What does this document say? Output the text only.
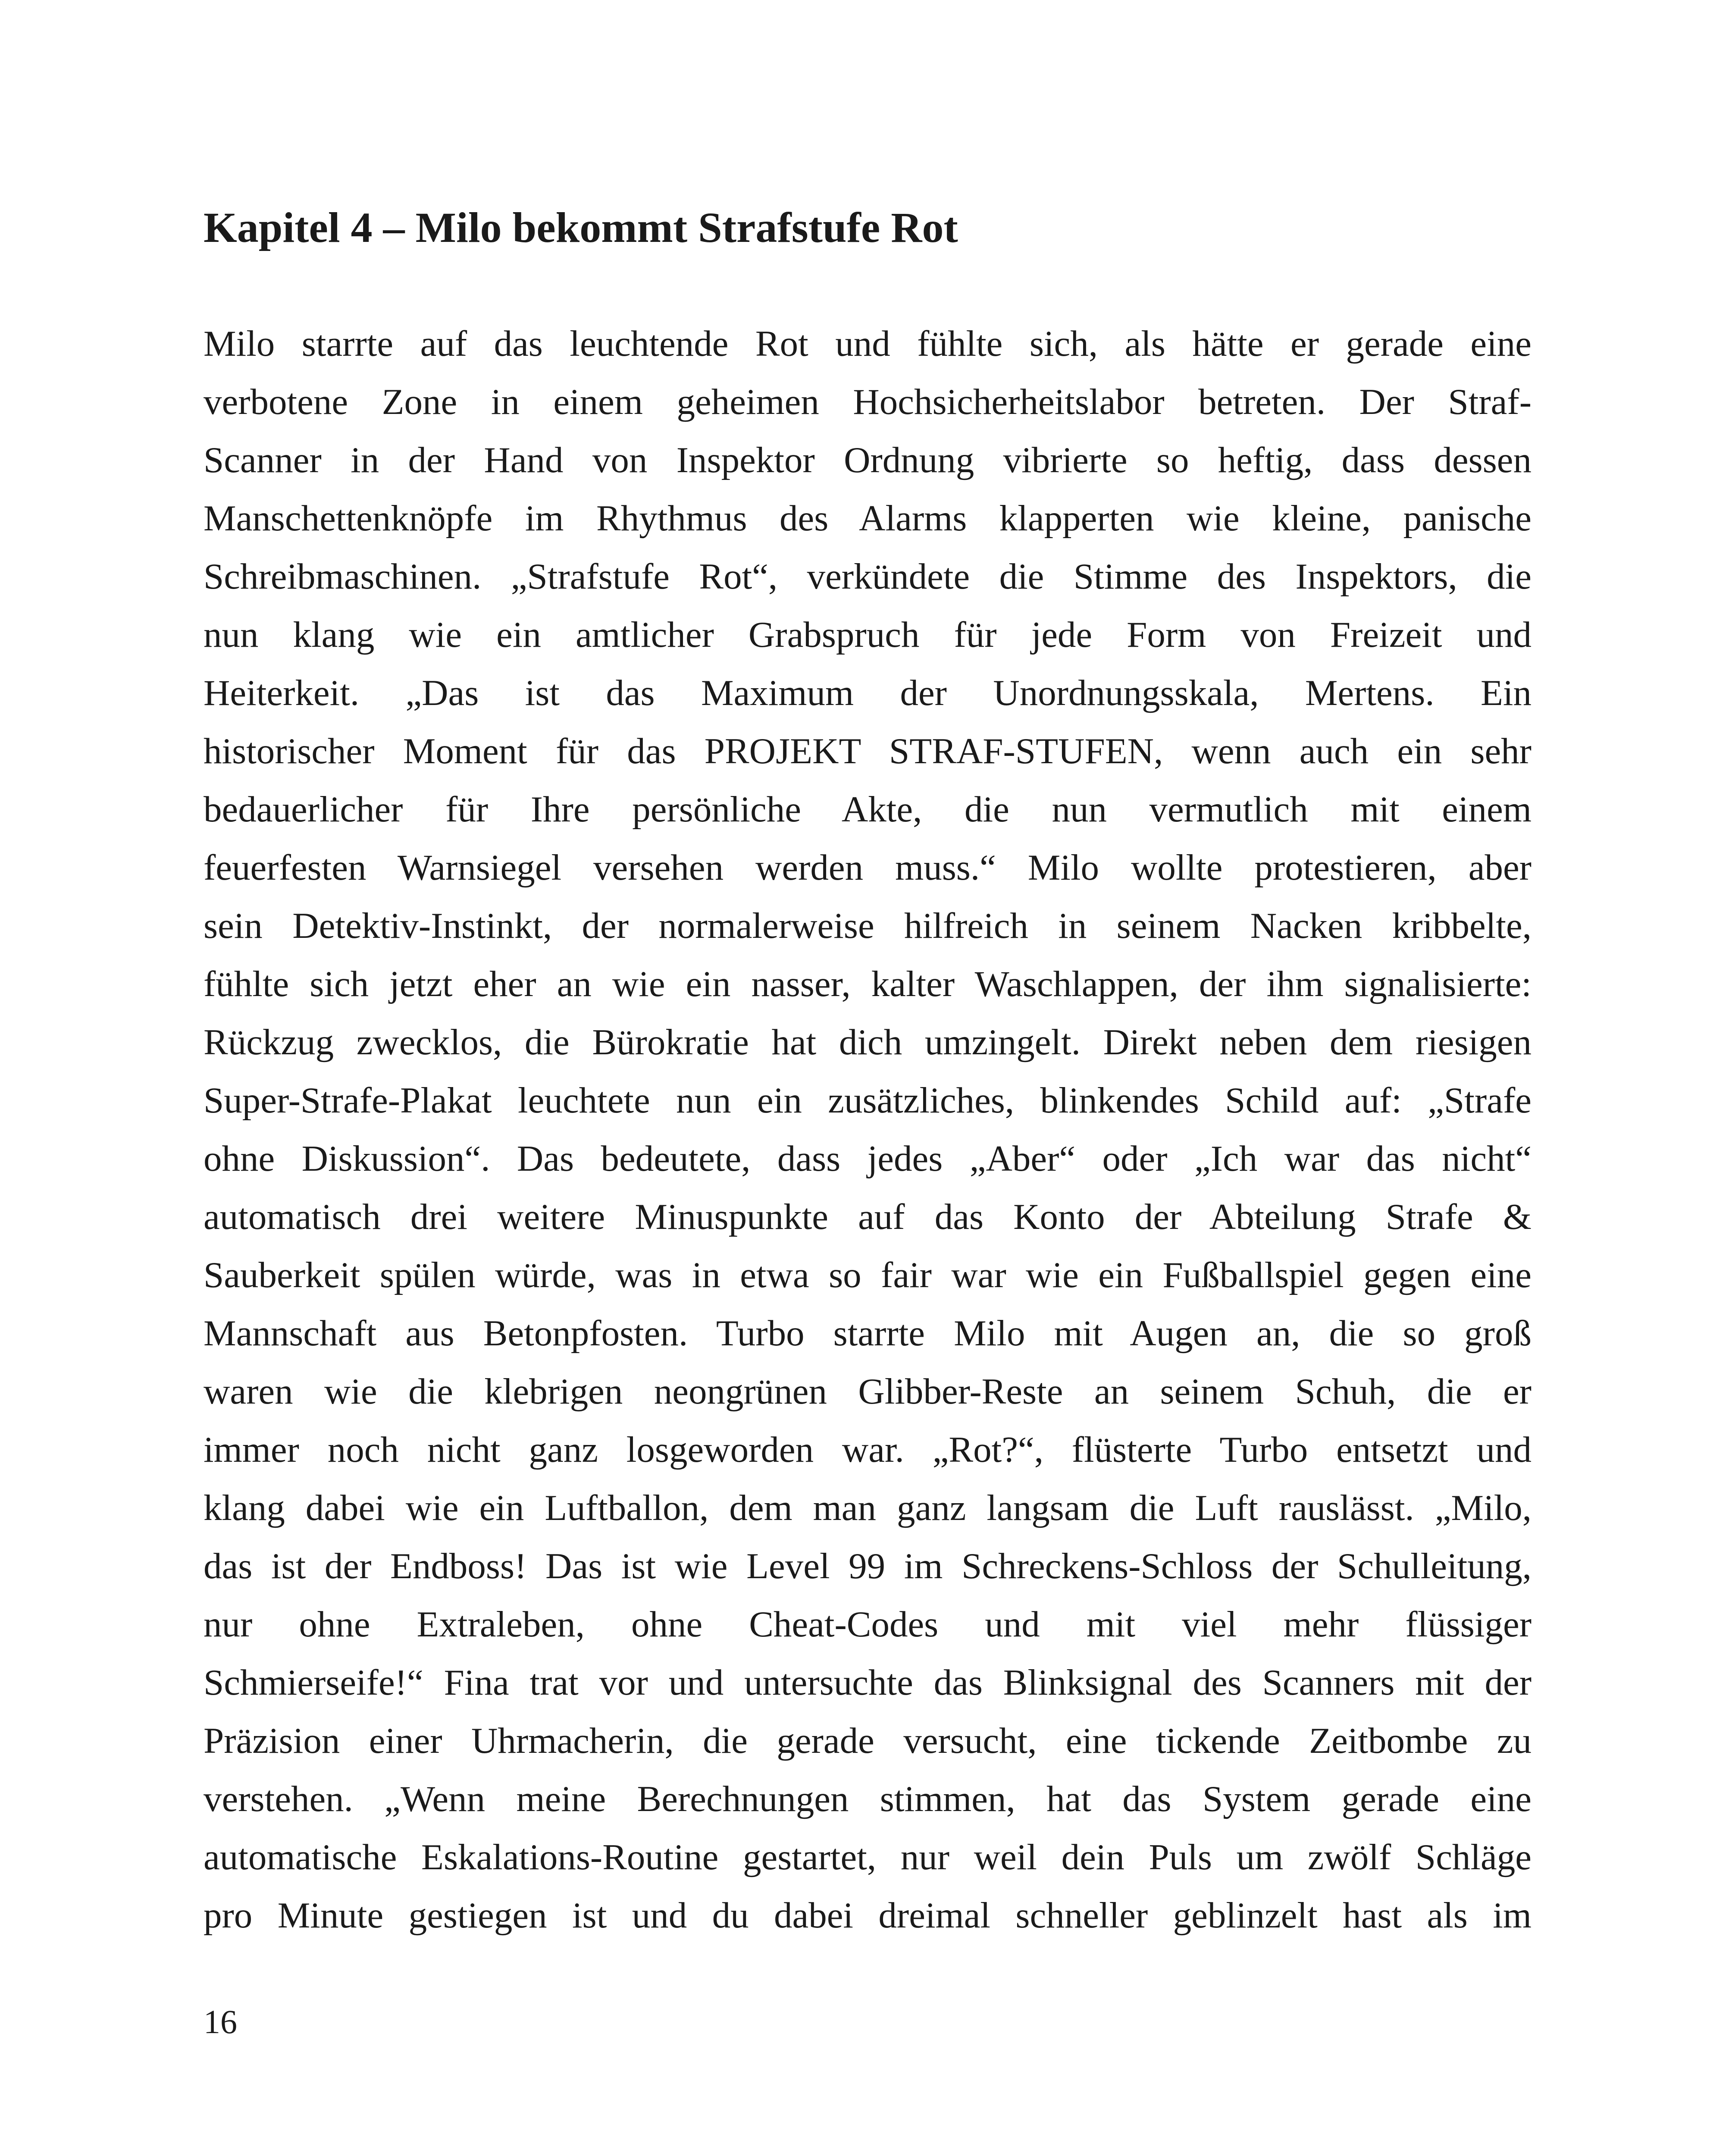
Kapitel 4 – Milo bekommt Strafstufe Rot
Milo starrte auf das leuchtende Rot und fühlte sich, als hätte er gerade eine
verbotene Zone in einem geheimen Hochsicherheitslabor betreten. Der Straf-
Scanner in der Hand von Inspektor Ordnung vibrierte so heftig, dass dessen
Manschettenknöpfe im Rhythmus des Alarms klapperten wie kleine, panische
Schreibmaschinen. „Strafstufe Rot“, verkündete die Stimme des Inspektors, die
nun klang wie ein amtlicher Grabspruch für jede Form von Freizeit und
Heiterkeit. „Das ist das Maximum der Unordnungsskala, Mertens. Ein
historischer Moment für das PROJEKT STRAF-STUFEN, wenn auch ein sehr
bedauerlicher für Ihre persönliche Akte, die nun vermutlich mit einem
feuerfesten Warnsiegel versehen werden muss.“ Milo wollte protestieren, aber
sein Detektiv-Instinkt, der normalerweise hilfreich in seinem Nacken kribbelte,
fühlte sich jetzt eher an wie ein nasser, kalter Waschlappen, der ihm signalisierte:
Rückzug zwecklos, die Bürokratie hat dich umzingelt. Direkt neben dem riesigen
Super-Strafe-Plakat leuchtete nun ein zusätzliches, blinkendes Schild auf: „Strafe
ohne Diskussion“. Das bedeutete, dass jedes „Aber“ oder „Ich war das nicht“
automatisch drei weitere Minuspunkte auf das Konto der Abteilung Strafe &
Sauberkeit spülen würde, was in etwa so fair war wie ein Fußballspiel gegen eine
Mannschaft aus Betonpfosten. Turbo starrte Milo mit Augen an, die so groß
waren wie die klebrigen neongrünen Glibber-Reste an seinem Schuh, die er
immer noch nicht ganz losgeworden war. „Rot?“, flüsterte Turbo entsetzt und
klang dabei wie ein Luftballon, dem man ganz langsam die Luft rauslässt. „Milo,
das ist der Endboss! Das ist wie Level 99 im Schreckens-Schloss der Schulleitung,
nur ohne Extraleben, ohne Cheat-Codes und mit viel mehr flüssiger
Schmierseife!“ Fina trat vor und untersuchte das Blinksignal des Scanners mit der
Präzision einer Uhrmacherin, die gerade versucht, eine tickende Zeitbombe zu
verstehen. „Wenn meine Berechnungen stimmen, hat das System gerade eine
automatische Eskalations-Routine gestartet, nur weil dein Puls um zwölf Schläge
pro Minute gestiegen ist und du dabei dreimal schneller geblinzelt hast als im
16
